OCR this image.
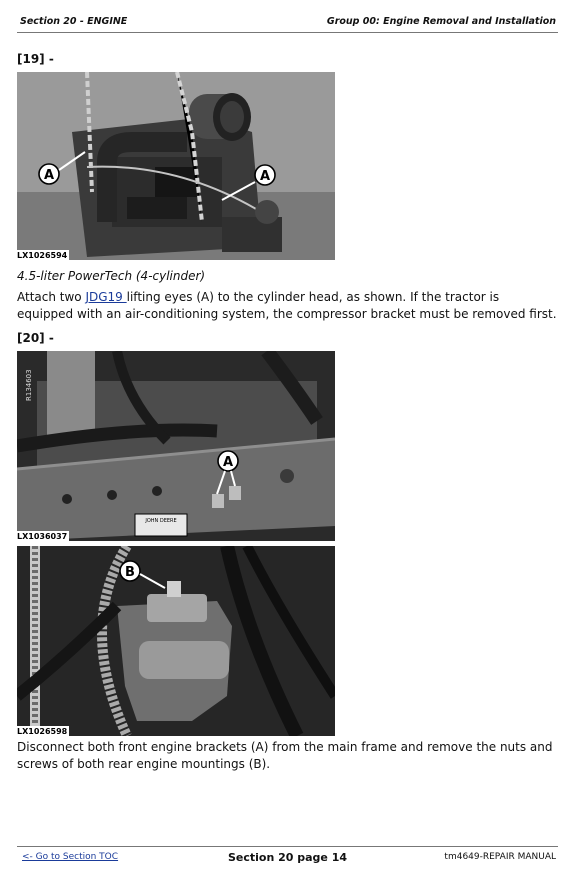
Section 20 - ENGINE	Group 00: Engine Removal and Installation
[19] -
A	A
LX1026594
4.5-liter PowerTech (4-cylinder)
Attach two JDG19 lifting eyes (A) to the cylinder head, as shown. If the tractor is equipped with an air-conditioning system, the compressor bracket must be removed first.
[20] -
R134603
JOHN DEERE
A
LX1036037
B
LX1026598
Disconnect both front engine brackets (A) from the main frame and remove the nuts and screws of both rear engine mountings (B).
<- Go to Section TOC	Section 20 page 14	tm4649-REPAIR MANUAL
